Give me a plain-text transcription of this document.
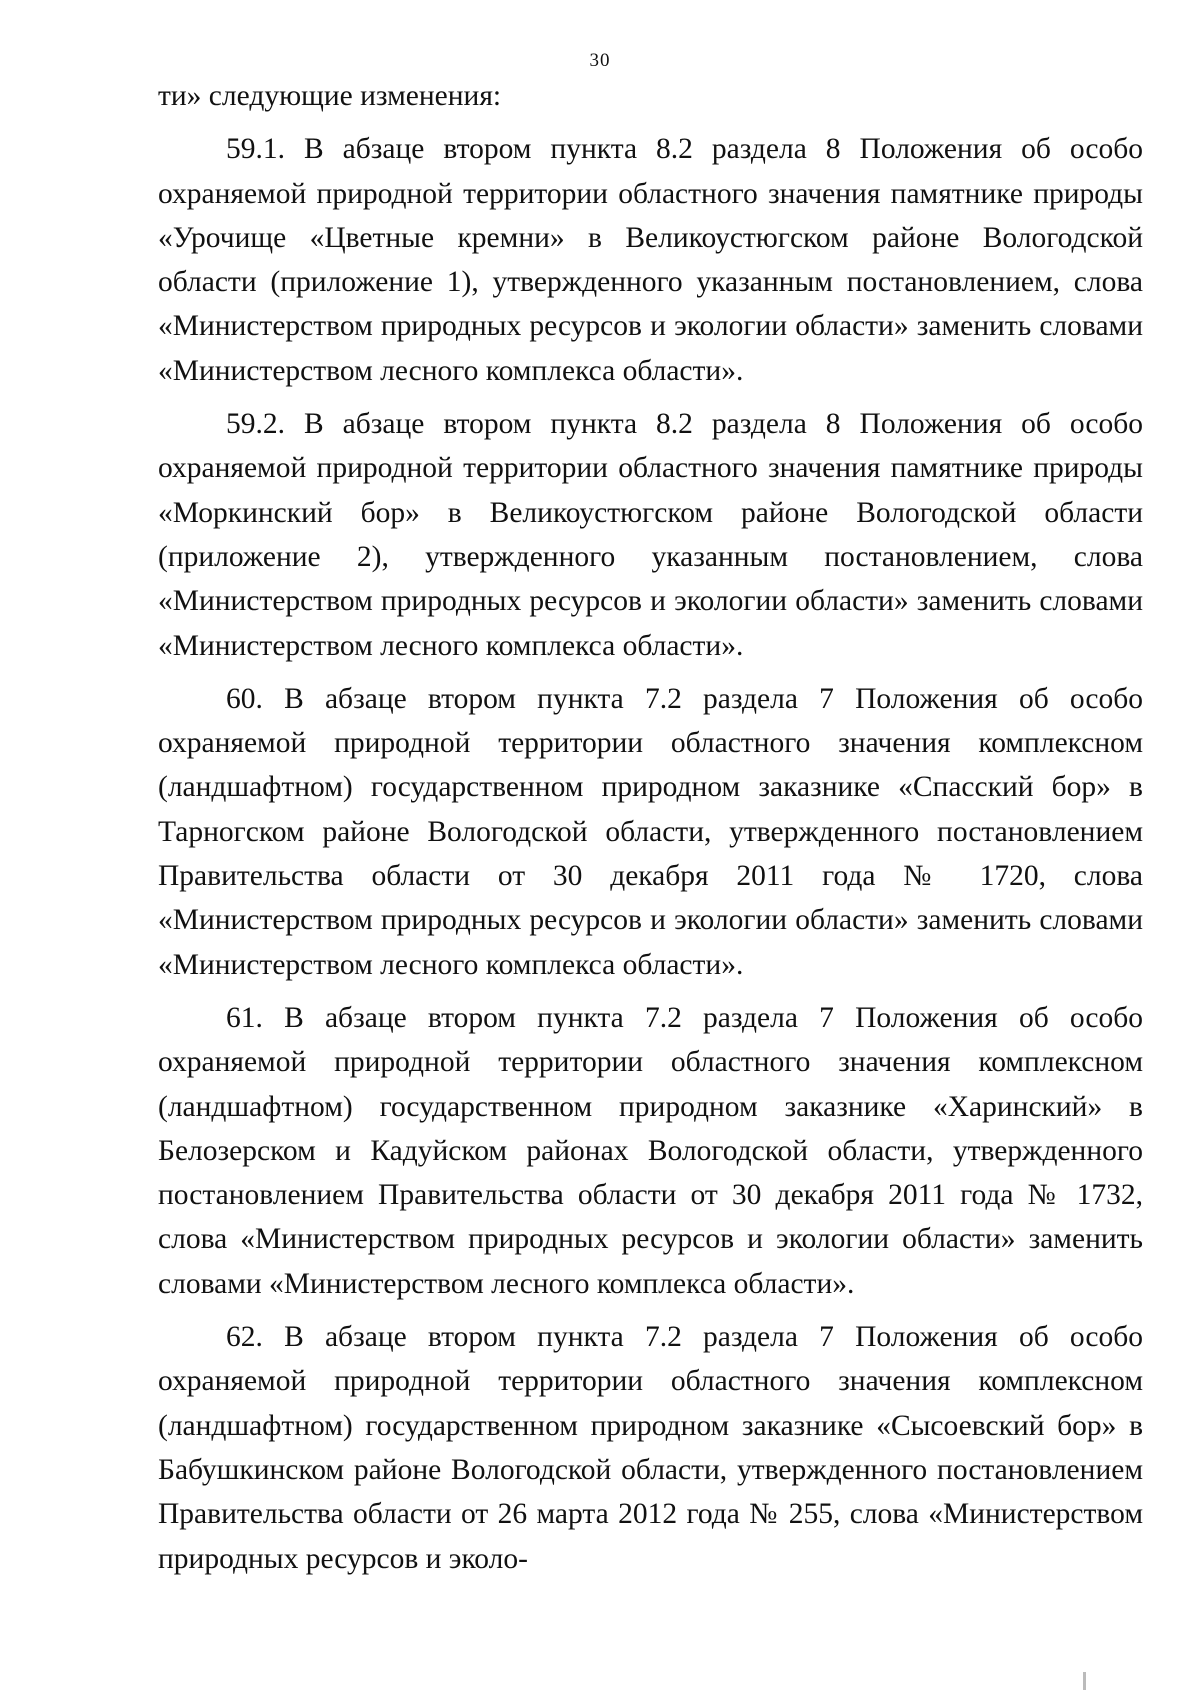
30

ти» следующие изменения:

59.1. В абзаце втором пункта 8.2 раздела 8 Положения об особо охраняемой природной территории областного значения памятнике природы «Урочище «Цветные кремни» в Великоустюгском районе Вологодской области (приложение 1), утвержденного указанным постановлением, слова «Министерством природных ресурсов и экологии области» заменить словами «Министерством лесного комплекса области».

59.2. В абзаце втором пункта 8.2 раздела 8 Положения об особо охраняемой природной территории областного значения памятнике природы «Моркинский бор» в Великоустюгском районе Вологодской области (приложение 2), утвержденного указанным постановлением, слова «Министерством природных ресурсов и экологии области» заменить словами «Министерством лесного комплекса области».

60. В абзаце втором пункта 7.2 раздела 7 Положения об особо охраняемой природной территории областного значения комплексном (ландшафтном) государственном природном заказнике «Спасский бор» в Тарногском районе Вологодской области, утвержденного постановлением Правительства области от 30 декабря 2011 года № 1720, слова «Министерством природных ресурсов и экологии области» заменить словами «Министерством лесного комплекса области».

61. В абзаце втором пункта 7.2 раздела 7 Положения об особо охраняемой природной территории областного значения комплексном (ландшафтном) государственном природном заказнике «Харинский» в Белозерском и Кадуйском районах Вологодской области, утвержденного постановлением Правительства области от 30 декабря 2011 года № 1732, слова «Министерством природных ресурсов и экологии области» заменить словами «Министерством лесного комплекса области».

62. В абзаце втором пункта 7.2 раздела 7 Положения об особо охраняемой природной территории областного значения комплексном (ландшафтном) государственном природном заказнике «Сысоевский бор» в Бабушкинском районе Вологодской области, утвержденного постановлением Правительства области от 26 марта 2012 года № 255, слова «Министерством природных ресурсов и эколо-
